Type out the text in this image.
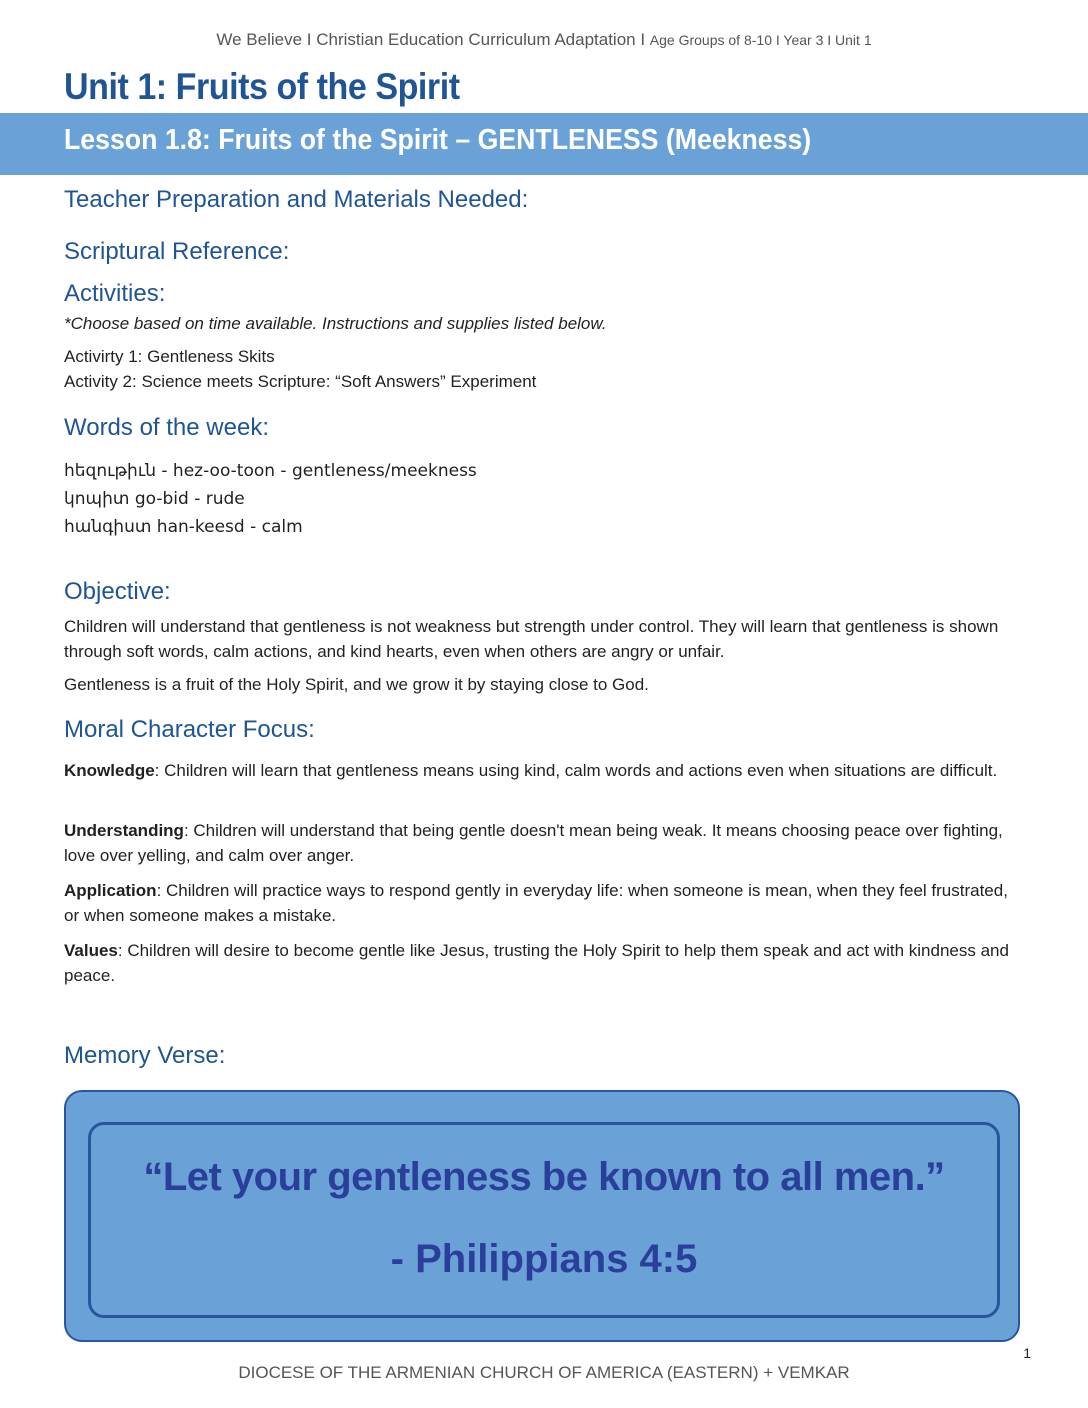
We Believe I Christian Education Curriculum Adaptation I Age Groups of 8-10 I Year 3 I Unit 1
Unit 1: Fruits of the Spirit
Lesson 1.8: Fruits of the Spirit – GENTLENESS (Meekness)
Teacher Preparation and Materials Needed:
Scriptural Reference:
Activities:
*Choose based on time available. Instructions and supplies listed below.
Activirty 1: Gentleness Skits
Activity 2: Science meets Scripture: “Soft Answers” Experiment
Words of the week:
հեզութիւն - hez-oo-toon - gentleness/meekness
կոպիտ go-bid - rude
հանգիստ han-keesd - calm
Objective:
Children will understand that gentleness is not weakness but strength under control. They will learn that gentleness is shown through soft words, calm actions, and kind hearts, even when others are angry or unfair.
Gentleness is a fruit of the Holy Spirit, and we grow it by staying close to God.
Moral Character Focus:
Knowledge: Children will learn that gentleness means using kind, calm words and actions even when situations are difficult.
Understanding: Children will understand that being gentle doesn't mean being weak. It means choosing peace over fighting, love over yelling, and calm over anger.
Application: Children will practice ways to respond gently in everyday life: when someone is mean, when they feel frustrated, or when someone makes a mistake.
Values: Children will desire to become gentle like Jesus, trusting the Holy Spirit to help them speak and act with kindness and peace.
Memory Verse:
“Let your gentleness be known to all men.”
- Philippians 4:5
1
DIOCESE OF THE ARMENIAN CHURCH OF AMERICA (EASTERN) + VEMKAR
